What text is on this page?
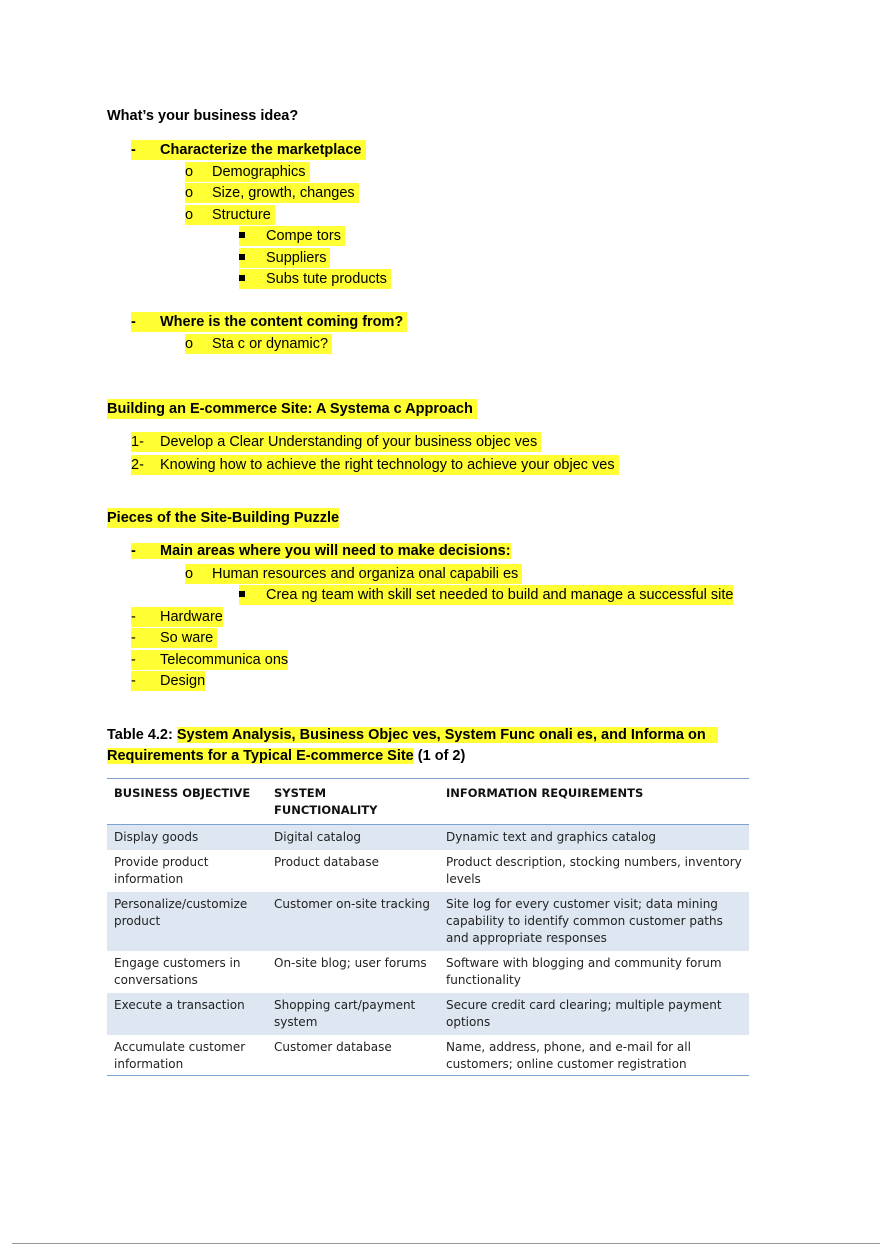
What’s your business idea?
- Characterize the marketplace
o Demographics
o Size, growth, changes
o Structure
Compe tors
Suppliers
Subs tute products
- Where is the content coming from?
o Sta c or dynamic?
Building an E-commerce Site: A Systema c Approach
1- Develop a Clear Understanding of your business objec ves
2- Knowing how to achieve the right technology to achieve your objec ves
Pieces of the Site-Building Puzzle
- Main areas where you will need to make decisions:
o Human resources and organiza onal capabili es
Crea ng team with skill set needed to build and manage a successful site
- Hardware
- So ware
- Telecommunica ons
- Design
Table 4.2: System Analysis, Business Objec ves, System Func onali es, and Informa on
Requirements for a Typical E-commerce Site (1 of 2)
BUSINESS OBJECTIVE	SYSTEM FUNCTIONALITY	INFORMATION REQUIREMENTS
Display goods	Digital catalog	Dynamic text and graphics catalog
Provide product information	Product database	Product description, stocking numbers, inventory levels
Personalize/customize product	Customer on-site tracking	Site log for every customer visit; data mining capability to identify common customer paths and appropriate responses
Engage customers in conversations	On-site blog; user forums	Software with blogging and community forum functionality
Execute a transaction	Shopping cart/payment system	Secure credit card clearing; multiple payment options
Accumulate customer information	Customer database	Name, address, phone, and e-mail for all customers; online customer registration
